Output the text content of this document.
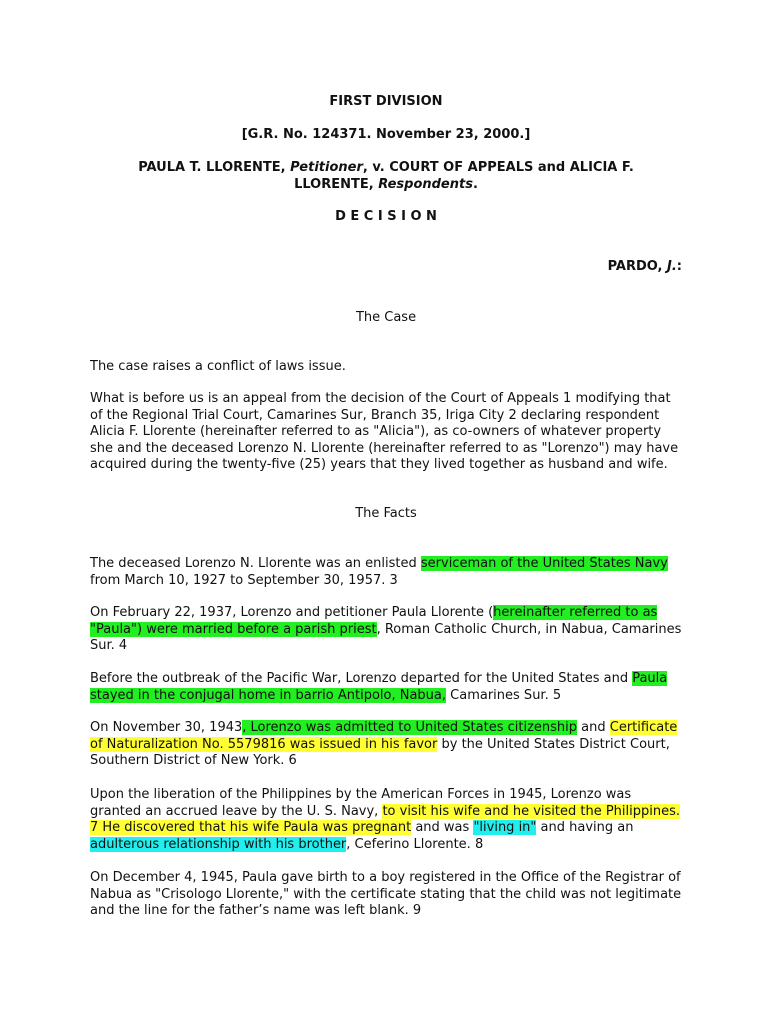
FIRST DIVISION

[G.R. No. 124371. November 23, 2000.]

PAULA T. LLORENTE, Petitioner, v. COURT OF APPEALS and ALICIA F. LLORENTE, Respondents.

D E C I S I O N

PARDO, J.:

The Case

The case raises a conflict of laws issue.

What is before us is an appeal from the decision of the Court of Appeals 1 modifying that of the Regional Trial Court, Camarines Sur, Branch 35, Iriga City 2 declaring respondent Alicia F. Llorente (hereinafter referred to as "Alicia"), as co-owners of whatever property she and the deceased Lorenzo N. Llorente (hereinafter referred to as "Lorenzo") may have acquired during the twenty-five (25) years that they lived together as husband and wife.

The Facts

The deceased Lorenzo N. Llorente was an enlisted serviceman of the United States Navy from March 10, 1927 to September 30, 1957. 3

On February 22, 1937, Lorenzo and petitioner Paula Llorente (hereinafter referred to as "Paula") were married before a parish priest, Roman Catholic Church, in Nabua, Camarines Sur. 4

Before the outbreak of the Pacific War, Lorenzo departed for the United States and Paula stayed in the conjugal home in barrio Antipolo, Nabua, Camarines Sur. 5

On November 30, 1943, Lorenzo was admitted to United States citizenship and Certificate of Naturalization No. 5579816 was issued in his favor by the United States District Court, Southern District of New York. 6

Upon the liberation of the Philippines by the American Forces in 1945, Lorenzo was granted an accrued leave by the U. S. Navy, to visit his wife and he visited the Philippines. 7 He discovered that his wife Paula was pregnant and was "living in" and having an adulterous relationship with his brother, Ceferino Llorente. 8

On December 4, 1945, Paula gave birth to a boy registered in the Office of the Registrar of Nabua as "Crisologo Llorente," with the certificate stating that the child was not legitimate and the line for the father’s name was left blank. 9
